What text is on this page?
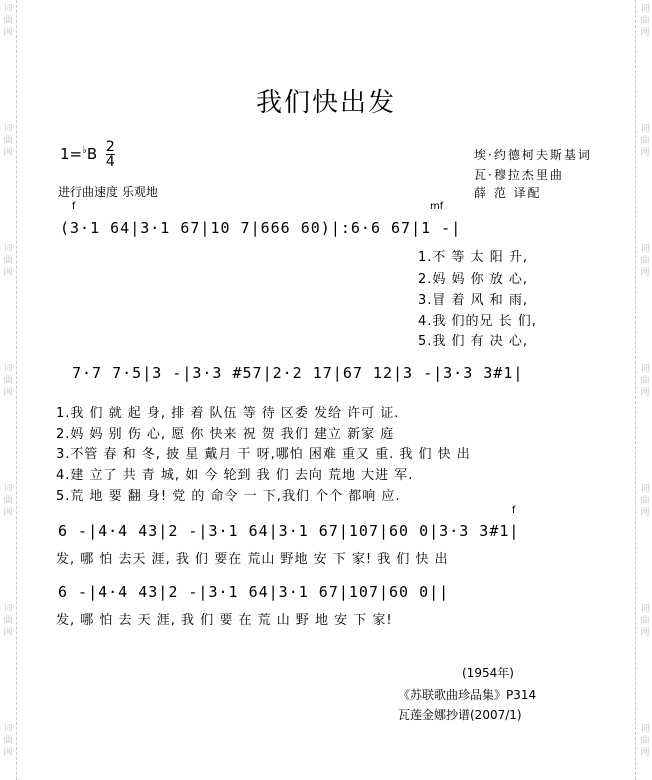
词
曲
网
词
曲
网
词
曲
网
词
曲
网
词
曲
网
词
曲
网
词
曲
网
词
曲
网
词
曲
网
词
曲
网
词
曲
网
词
曲
网
词
曲
网
词
曲
网
我们快出发
$1=^♭B \frac{2}{4}$	埃·约德柯夫斯基词
瓦·穆拉杰里曲
薛 范 译配
进行曲速度 乐观地
f	mf
(3·1 64|3·1 67|10 7|666 60)|:6·6 67|1 -|
1.不 等 太 阳 升,
2.妈 妈 你 放 心,
3.冒 着 风 和 雨,
4.我 们的兄 长 们,
5.我 们 有 决 心,
7·7 7·5|3 -|3·3 #57|2·2 17|67 12|3 -|3·3 3#1|
1.我 们 就 起 身, 排 着 队伍 等 待 区委 发给 许可 证.
2.妈 妈 别 伤 心, 愿 你 快来 祝 贺 我们 建立 新家 庭
3.不管 春 和 冬, 披 星 戴月 干 呀,哪怕 困难 重又 重. 我 们 快 出
4.建 立了 共 青 城, 如 今 轮到 我 们 去向 荒地 大进 军.
5.荒 地 要 翻 身! 党 的 命令 一 下,我们 个个 都响 应.
f
6 -|4·4 43|2 -|3·1 64|3·1 67|107|60 0|3·3 3#1|
发, 哪 怕 去天 涯, 我 们 要在 荒山 野地 安 下 家! 我 们 快 出
6 -|4·4 43|2 -|3·1 64|3·1 67|107|60 0||
发, 哪 怕 去 天 涯, 我 们 要 在 荒 山 野 地 安 下 家!
(1954年)
《苏联歌曲珍品集》P314
瓦莲金娜抄谱(2007/1)
